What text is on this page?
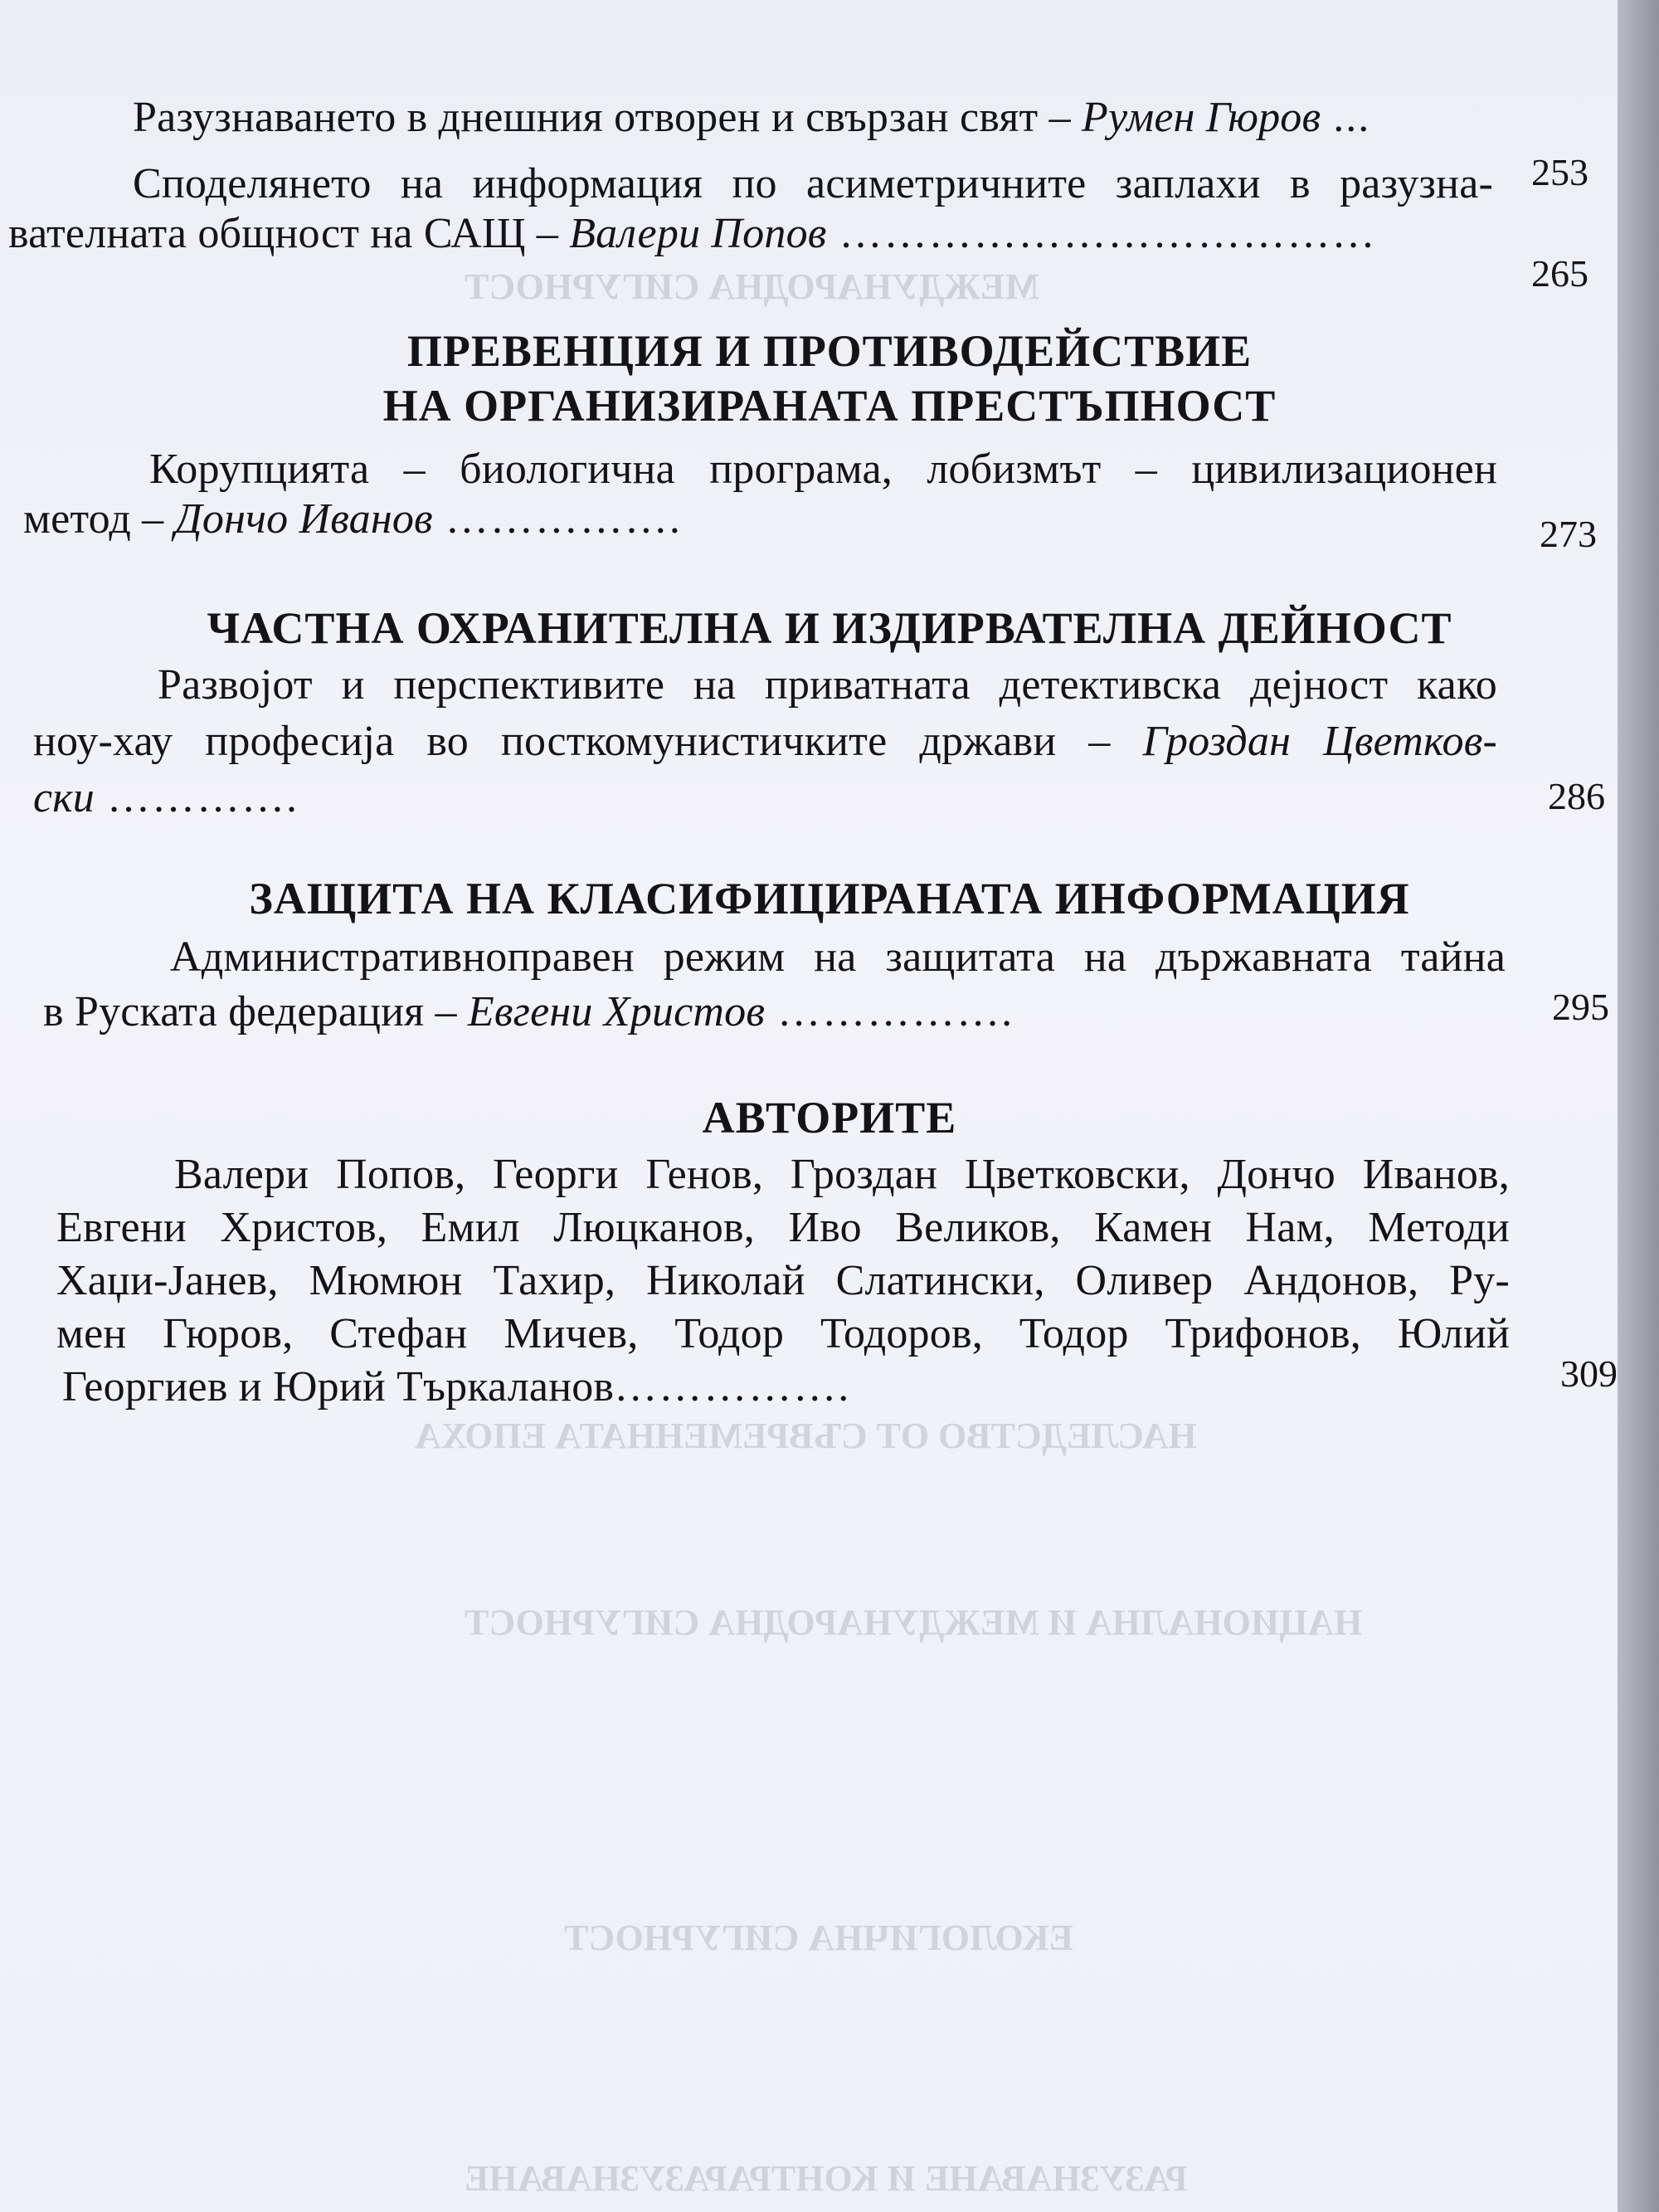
МЕЖДУНАРОДНА СИГУРНОСТ
НАСЛЕДСТВО ОТ СЪВРЕМЕННАТА ЕПОХА
НАЦИОНАЛНА И МЕЖДУНАРОДНА СИГУРНОСТ
ЕКОЛОГИЧНА СИГУРНОСТ
РАЗУЗНАВАНЕ И КОНТРАРАЗУЗНАВАНЕ
Разузнаването в днешния отворен и свързан свят – Румен Гюров ...
253
Споделянето на информация по асиметричните заплахи в разузна-
вателната общност на САЩ – Валери Попов ………………………………
265
ПРЕВЕНЦИЯ И ПРОТИВОДЕЙСТВИЕ
НА ОРГАНИЗИРАНАТА ПРЕСТЪПНОСТ
Корупцията – биологична програма, лобизмът – цивилизационен
метод – Дончо Иванов …………….	273
ЧАСТНА ОХРАНИТЕЛНА И ИЗДИРВАТЕЛНА ДЕЙНОСТ
Развојот и перспективите на приватната детективска дејност како
ноу-хау професија во посткомунистичките држави – Гроздан Цветков-
ски ………….	286
ЗАЩИТА НА КЛАСИФИЦИРАНАТА ИНФОРМАЦИЯ
Административноправен режим на защитата на държавната тайна
в Руската федерация – Евгени Христов …………….	295
АВТОРИТЕ
Валери Попов, Георги Генов, Гроздан Цветковски, Дончо Иванов,
Евгени Христов, Емил Люцканов, Иво Великов, Камен Нам, Методи
Хаџи-Јанев, Мюмюн Тахир, Николай Слатински, Оливер Андонов, Ру-
мен Гюров, Стефан Мичев, Тодор Тодоров, Тодор Трифонов, Юлий
Георгиев и Юрий Търкаланов…………….	309
